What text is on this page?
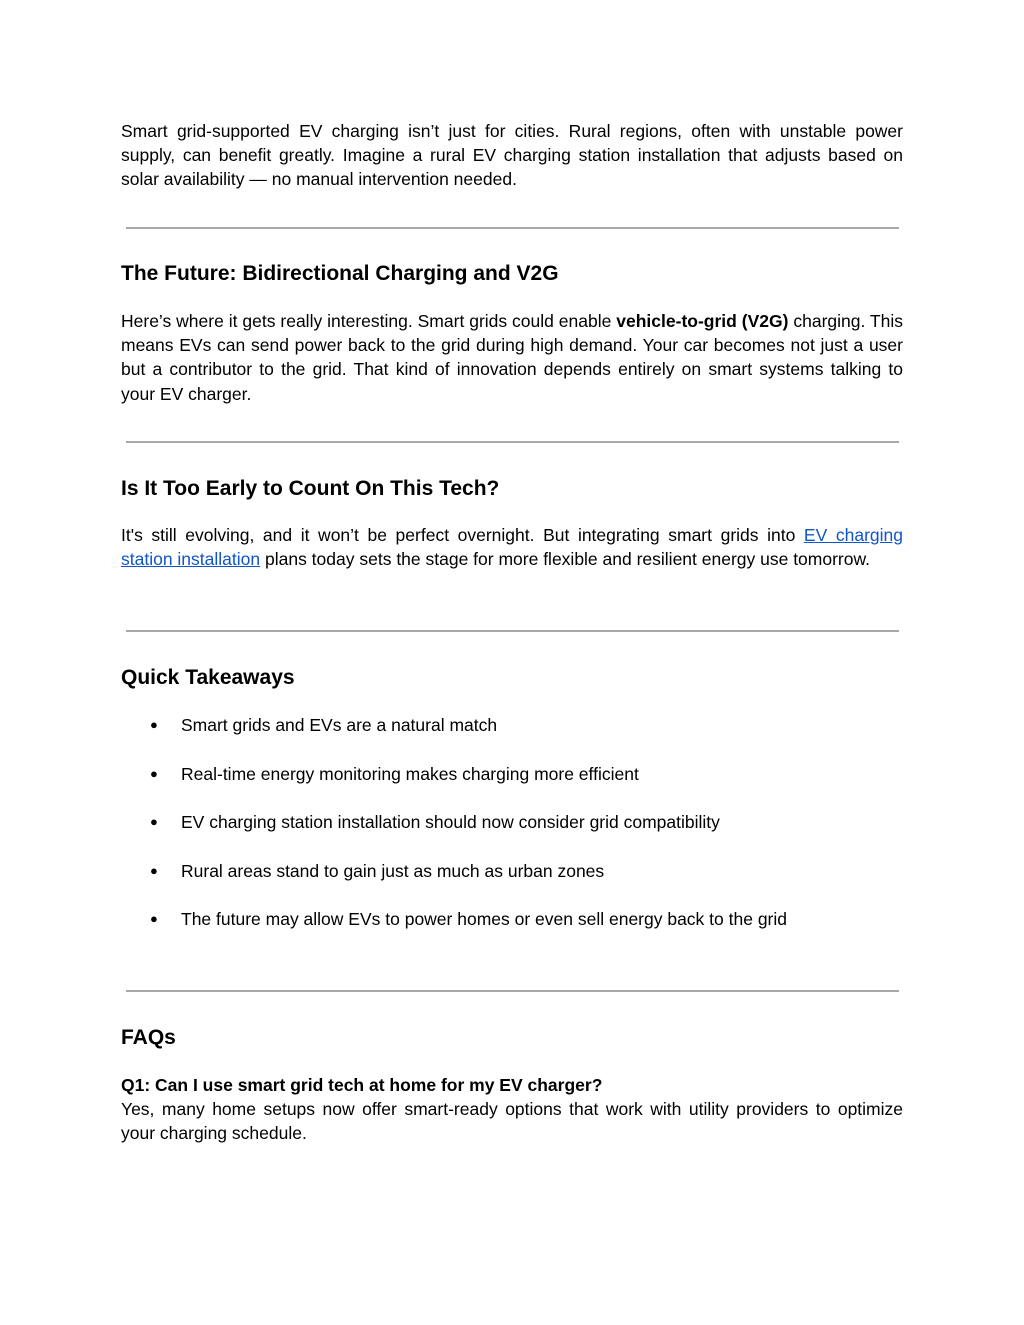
Smart grid-supported EV charging isn’t just for cities. Rural regions, often with unstable power supply, can benefit greatly. Imagine a rural EV charging station installation that adjusts based on solar availability — no manual intervention needed.

The Future: Bidirectional Charging and V2G

Here’s where it gets really interesting. Smart grids could enable vehicle-to-grid (V2G) charging. This means EVs can send power back to the grid during high demand. Your car becomes not just a user but a contributor to the grid. That kind of innovation depends entirely on smart systems talking to your EV charger.

Is It Too Early to Count On This Tech?

It's still evolving, and it won’t be perfect overnight. But integrating smart grids into EV charging station installation plans today sets the stage for more flexible and resilient energy use tomorrow.

Quick Takeaways
● Smart grids and EVs are a natural match
● Real-time energy monitoring makes charging more efficient
● EV charging station installation should now consider grid compatibility
● Rural areas stand to gain just as much as urban zones
● The future may allow EVs to power homes or even sell energy back to the grid
FAQs

Q1: Can I use smart grid tech at home for my EV charger?

Yes, many home setups now offer smart-ready options that work with utility providers to optimize your charging schedule.
